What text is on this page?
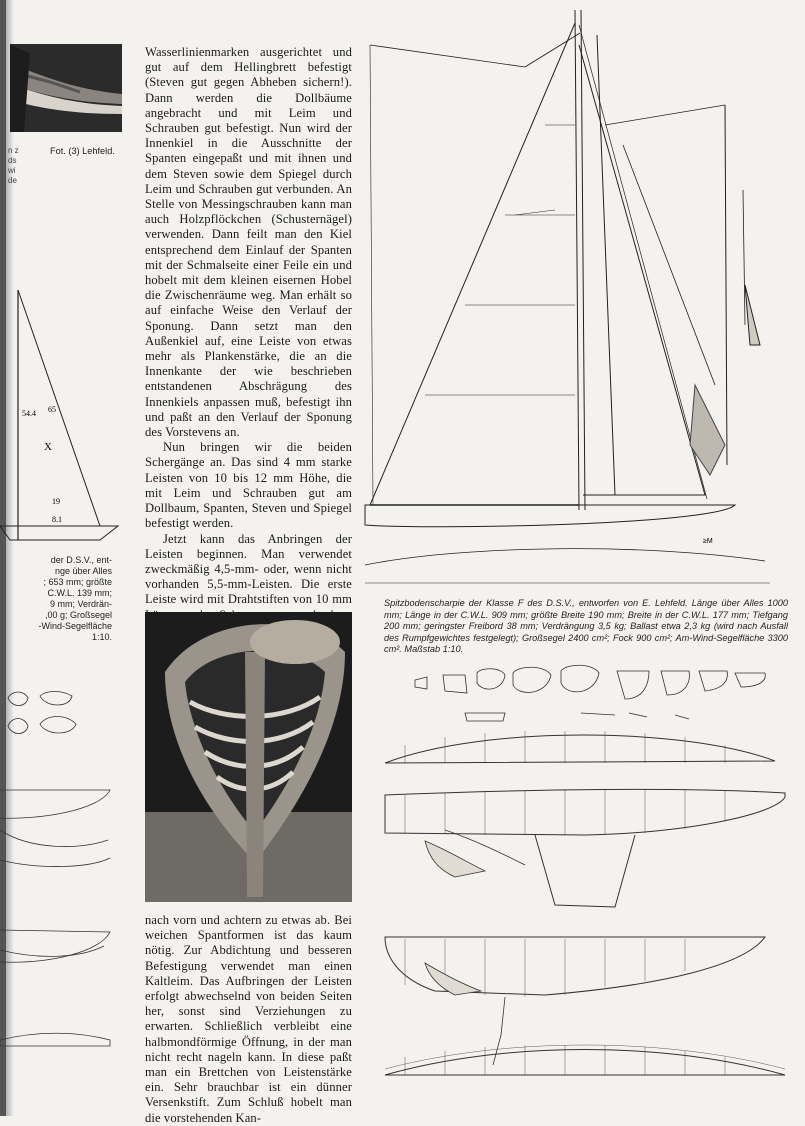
n z
ds
wi
de
Fot. (3) Lehfeld.

Wasserlinienmarken ausgerichtet und gut auf dem Hellingbrett befestigt (Steven gut gegen Abheben sichern!). Dann werden die Dollbäume angebracht und mit Leim und Schrauben gut befestigt. Nun wird der Innenkiel in die Ausschnitte der Spanten eingepaßt und mit ihnen und dem Steven sowie dem Spiegel durch Leim und Schrauben gut verbunden. An Stelle von Messingschrauben kann man auch Holzpflöckchen (Schusternägel) verwenden. Dann feilt man den Kiel entsprechend dem Einlauf der Spanten mit der Schmalseite einer Feile ein und hobelt mit dem kleinen eisernen Hobel die Zwischenräume weg. Man erhält so auf einfache Weise den Verlauf der Sponung. Dann setzt man den Außenkiel auf, eine Leiste von etwas mehr als Plankenstärke, die an die Innenkante der wie beschrieben entstandenen Abschrägung des Innenkiels anpassen muß, befestigt ihn und paßt an den Verlauf der Sponung des Vorstevens an.

Nun bringen wir die beiden Schergänge an. Das sind 4 mm starke Leisten von 10 bis 12 mm Höhe, die mit Leim und Schrauben gut am Dollbaum, Spanten, Steven und Spiegel befestigt werden.

Jetzt kann das Anbringen der Leisten beginnen. Man verwendet zweckmäßig 4,5-mm- oder, wenn nicht vorhanden 5,5-mm-Leisten. Die erste Leiste wird mit Drahtstiften von 10 mm

nach vorn und achtern zu etwas ab. Bei weichen Spantformen ist das kaum nötig. Zur Abdichtung und besseren Befestigung verwendet man einen Kaltleim. Das Aufbringen der Leisten erfolgt abwechselnd von beiden Seiten her, sonst sind Verziehungen zu erwarten. Schließlich verbleibt eine halbmondförmige Öffnung, in der man nicht recht nageln kann. In diese paßt man ein Brettchen von Leistenstärke ein. Sehr brauchbar ist ein dünner Versenkstift. Zum Schluß hobelt man die vorstehenden Kan-

54.4 65
X
19
8.1
der D.S.V., ent-
nge über Alles
; 653 mm; größte
C.W.L. 139 mm;
9 mm; Verdrän-
,00 g; Großsegel
-Wind-Segelfläche
1:10.
≥M
Spitzbodenscharpie der Klasse F des D.S.V., entworfen von E. Lehfeld. Länge über Alles 1000 mm; Länge in der C.W.L. 909 mm; größte Breite 190 mm; Breite in der C.W.L. 177 mm; Tiefgang 200 mm; geringster Freibord 38 mm; Verdrängung 3,5 kg; Ballast etwa 2,3 kg (wird nach Ausfall des Rumpfgewichtes festgelegt); Großsegel 2400 cm²; Fock 900 cm²; Am-Wind-Segelfläche 3300 cm². Maßstab 1:10.
